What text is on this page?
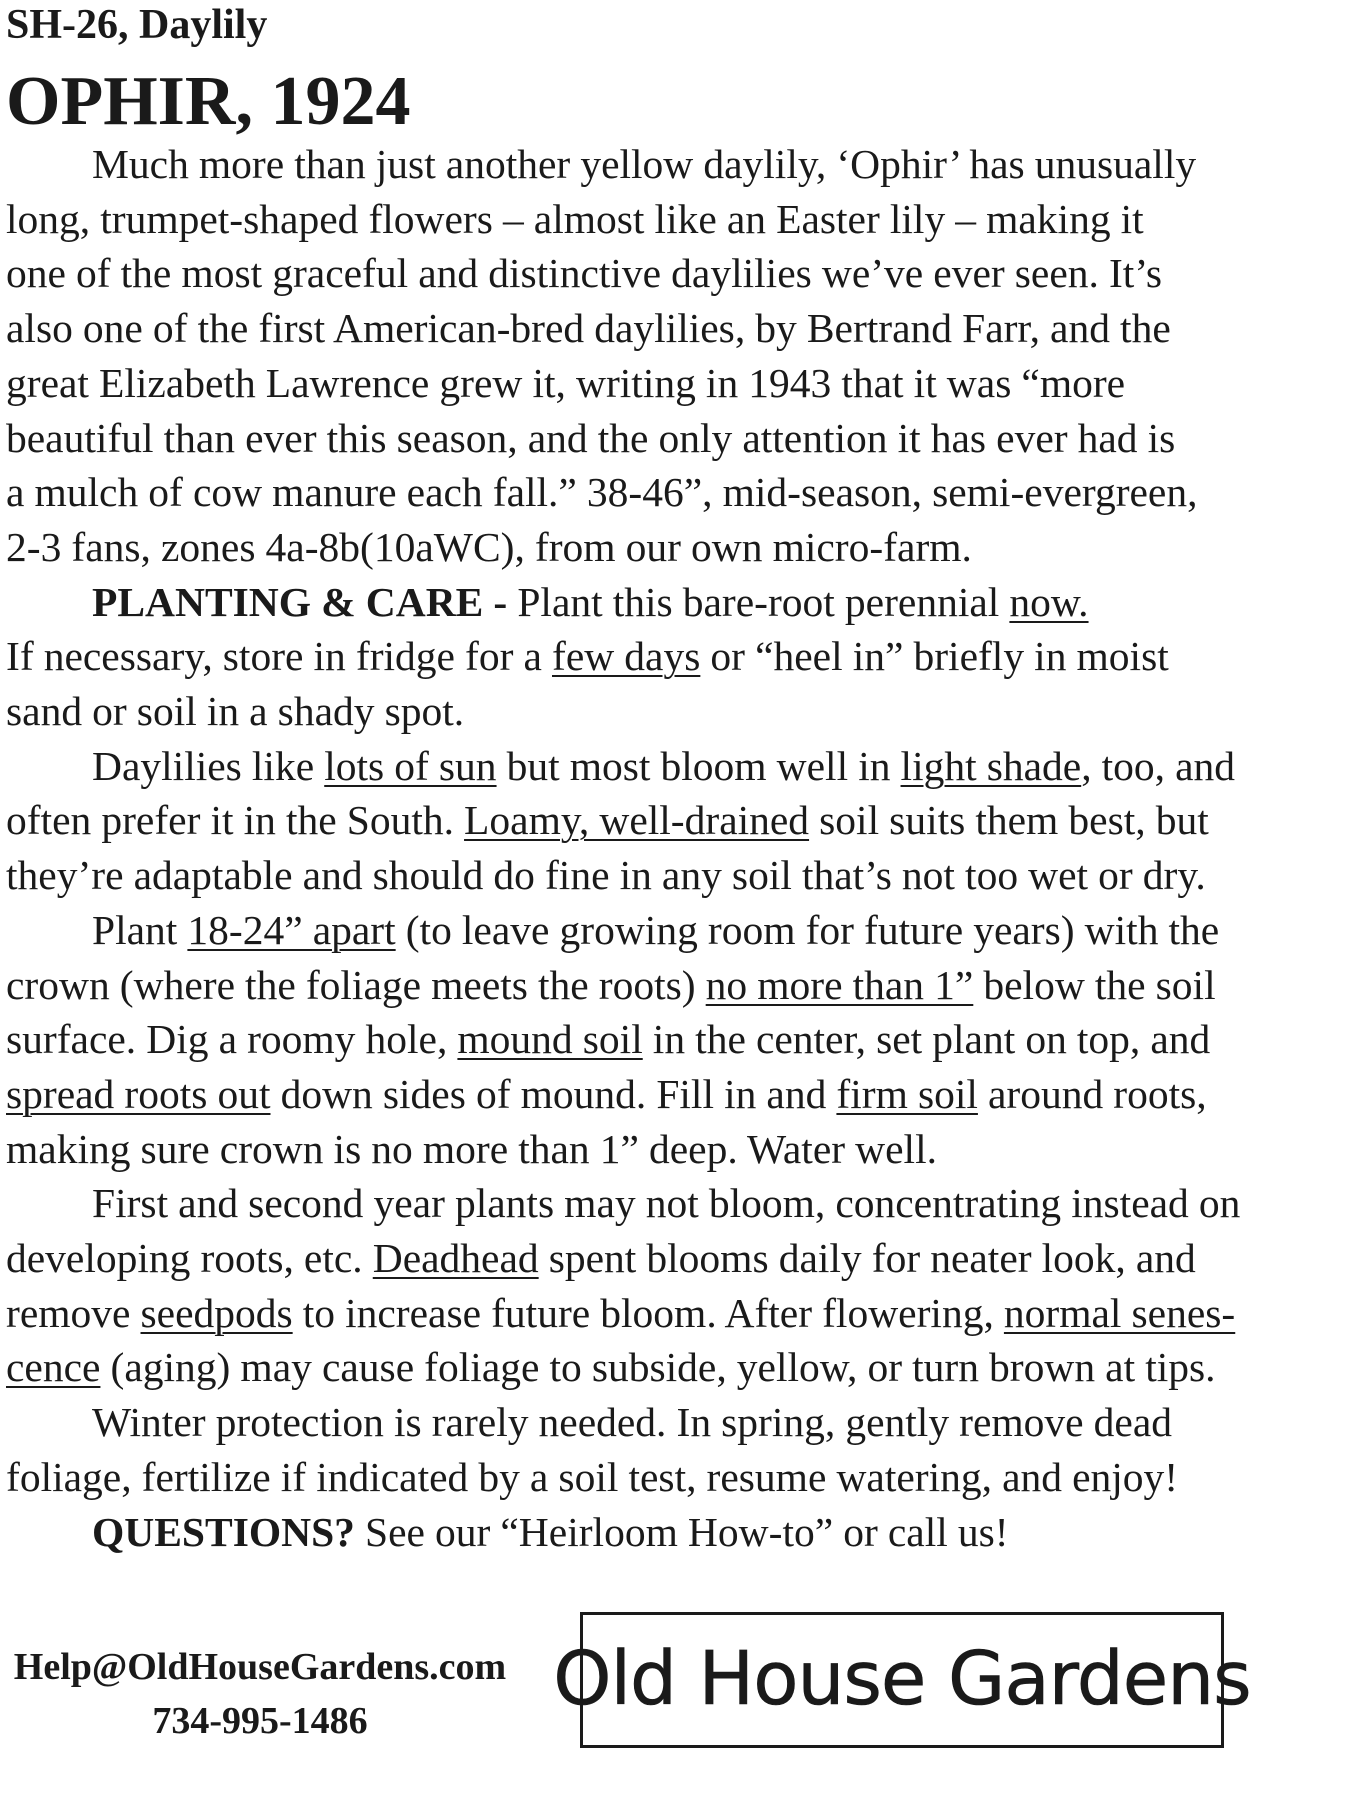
SH-26, Daylily
OPHIR, 1924
Much more than just another yellow daylily, ‘Ophir’ has unusually
long, trumpet-shaped flowers – almost like an Easter lily – making it
one of the most graceful and distinctive daylilies we’ve ever seen. It’s
also one of the first American-bred daylilies, by Bertrand Farr, and the
great Elizabeth Lawrence grew it, writing in 1943 that it was “more
beautiful than ever this season, and the only attention it has ever had is
a mulch of cow manure each fall.” 38-46”, mid-season, semi-evergreen,
2-3 fans, zones 4a-8b(10aWC), from our own micro-farm.
PLANTING & CARE - Plant this bare-root perennial now.
If necessary, store in fridge for a few days or “heel in” briefly in moist
sand or soil in a shady spot.
Daylilies like lots of sun but most bloom well in light shade, too, and
often prefer it in the South. Loamy, well-drained soil suits them best, but
they’re adaptable and should do fine in any soil that’s not too wet or dry.
Plant 18-24” apart (to leave growing room for future years) with the
crown (where the foliage meets the roots) no more than 1” below the soil
surface. Dig a roomy hole, mound soil in the center, set plant on top, and
spread roots out down sides of mound. Fill in and firm soil around roots,
making sure crown is no more than 1” deep. Water well.
First and second year plants may not bloom, concentrating instead on
developing roots, etc. Deadhead spent blooms daily for neater look, and
remove seedpods to increase future bloom. After flowering, normal senes-
cence (aging) may cause foliage to subside, yellow, or turn brown at tips.
Winter protection is rarely needed. In spring, gently remove dead
foliage, fertilize if indicated by a soil test, resume watering, and enjoy!
QUESTIONS? See our “Heirloom How-to” or call us!
Help@OldHouseGardens.com
734-995-1486	Old House Gardens
